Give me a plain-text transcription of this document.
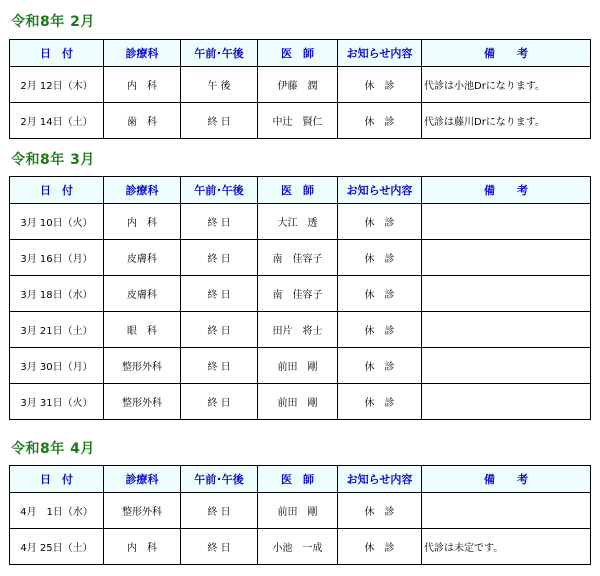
令和8年 2月
日　付	診療科	午前･午後	医　師	お知らせ内容	備　　考
2月 12日（木）	内　科	午 後	伊藤　潤	休　診	代診は小池Drになります。
2月 14日（土）	歯　科	終 日	中辻　賢仁	休　診	代診は藤川Drになります。
令和8年 3月
日　付	診療科	午前･午後	医　師	お知らせ内容	備　　考
3月 10日（火）	内　科	終 日	大江　透	休　診	
3月 16日（月）	皮膚科	終 日	南　佳容子	休　診	
3月 18日（水）	皮膚科	終 日	南　佳容子	休　診	
3月 21日（土）	眼　科	終 日	田片　将士	休　診	
3月 30日（月）	整形外科	終 日	前田　剛	休　診	
3月 31日（火）	整形外科	終 日	前田　剛	休　診	
令和8年 4月
日　付	診療科	午前･午後	医　師	お知らせ内容	備　　考
4月　1日（水）	整形外科	終 日	前田　剛	休　診	
4月 25日（土）	内　科	終 日	小池　一成	休　診	代診は未定です。
